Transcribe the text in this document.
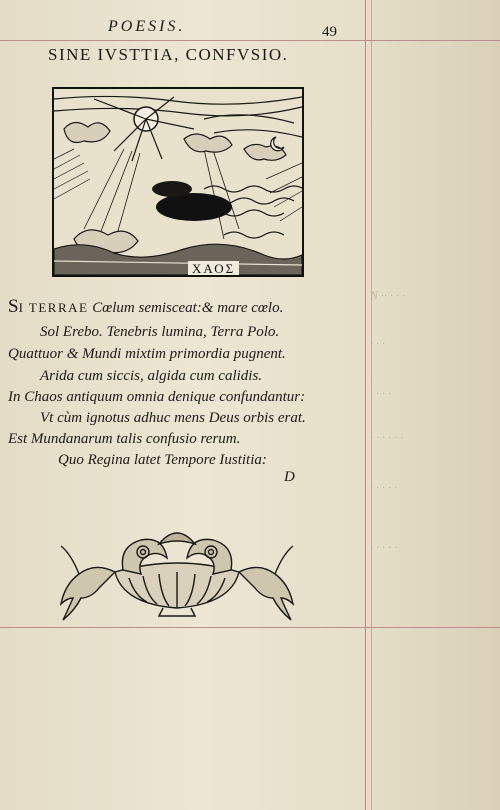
N ·· · · ·
· · ·
· · · ·
· · · · · ·
· · · · ·
· · · · ·
POESIS.	49
SINE IVSTTIA, CONFVSIO.
ΧΑΟΣ
SI TERRAE Cœlum semisceat:& mare cœlo.
Sol Erebo. Tenebris lumina, Terra Polo.
Quattuor & Mundi mixtim primordia pugnent.
Arida cum siccis, algida cum calidis.
In Chaos antiquum omnia denique confundantur:
Vt cùm ignotus adhuc mens Deus orbis erat.
Est Mundanarum talis confusio rerum.
Quo Regina latet Tempore Iustitia:
D
